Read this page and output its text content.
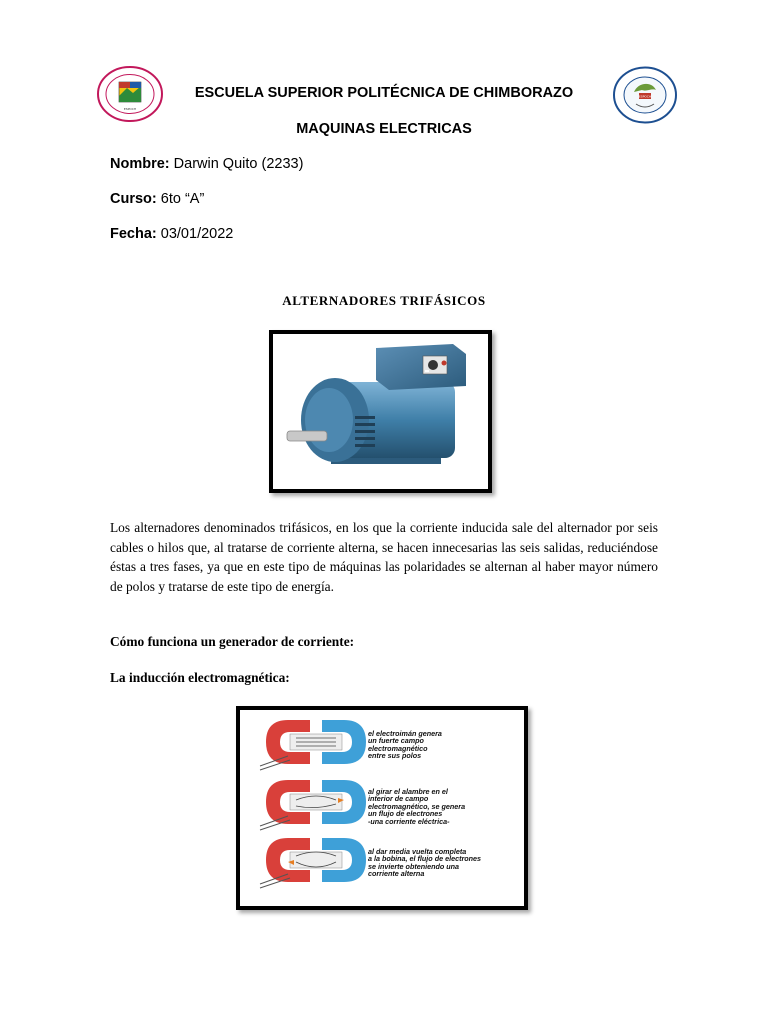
ESPOCH
ESPOCH
ESCUELA SUPERIOR POLITÉCNICA DE CHIMBORAZO
MAQUINAS ELECTRICAS
Nombre: Darwin Quito (2233)
Curso: 6to “A”
Fecha: 03/01/2022
ALTERNADORES TRIFÁSICOS
Los alternadores denominados trifásicos, en los que la corriente inducida sale del alternador por seis cables o hilos que, al tratarse de corriente alterna, se hacen innecesarias las seis salidas, reduciéndose éstas a tres fases, ya que en este tipo de máquinas las polaridades se alternan al haber mayor número de polos y tratarse de este tipo de energía.
Cómo funciona un generador de corriente:
La inducción electromagnética:
el electroimán genera
un fuerte campo
electromagnético
entre sus polos
al girar el alambre en el
interior de campo
electromagnético, se genera
un flujo de electrones
-una corriente eléctrica-
al dar media vuelta completa
a la bobina, el flujo de electrones
se invierte obteniendo una
corriente alterna
